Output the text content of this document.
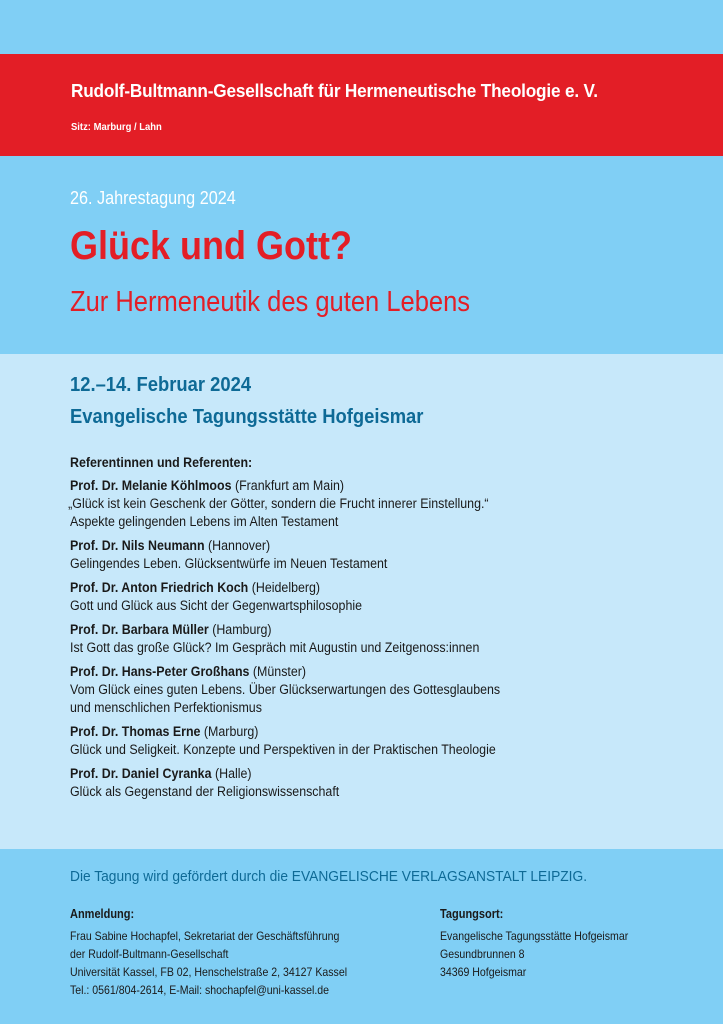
Rudolf-Bultmann-Gesellschaft für Hermeneutische Theologie e. V.
Sitz: Marburg / Lahn
26. Jahrestagung 2024
Glück und Gott?
Zur Hermeneutik des guten Lebens
12.–14. Februar 2024
Evangelische Tagungsstätte Hofgeismar
Referentinnen und Referenten:
Prof. Dr. Melanie Köhlmoos (Frankfurt am Main)
„Glück ist kein Geschenk der Götter, sondern die Frucht innerer Einstellung.“
Aspekte gelingenden Lebens im Alten Testament
Prof. Dr. Nils Neumann (Hannover)
Gelingendes Leben. Glücksentwürfe im Neuen Testament
Prof. Dr. Anton Friedrich Koch (Heidelberg)
Gott und Glück aus Sicht der Gegenwartsphilosophie
Prof. Dr. Barbara Müller (Hamburg)
Ist Gott das große Glück? Im Gespräch mit Augustin und Zeitgenoss:innen
Prof. Dr. Hans-Peter Großhans (Münster)
Vom Glück eines guten Lebens. Über Glückserwartungen des Gottesglaubens
und menschlichen Perfektionismus
Prof. Dr. Thomas Erne (Marburg)
Glück und Seligkeit. Konzepte und Perspektiven in der Praktischen Theologie
Prof. Dr. Daniel Cyranka (Halle)
Glück als Gegenstand der Religionswissenschaft
Die Tagung wird gefördert durch die EVANGELISCHE VERLAGSANSTALT LEIPZIG.
Anmeldung:
Frau Sabine Hochapfel, Sekretariat der Geschäftsführung
der Rudolf-Bultmann-Gesellschaft
Universität Kassel, FB 02, Henschelstraße 2, 34127 Kassel
Tel.: 0561/804-2614, E-Mail: shochapfel@uni-kassel.de
Tagungsort:
Evangelische Tagungsstätte Hofgeismar
Gesundbrunnen 8
34369 Hofgeismar
